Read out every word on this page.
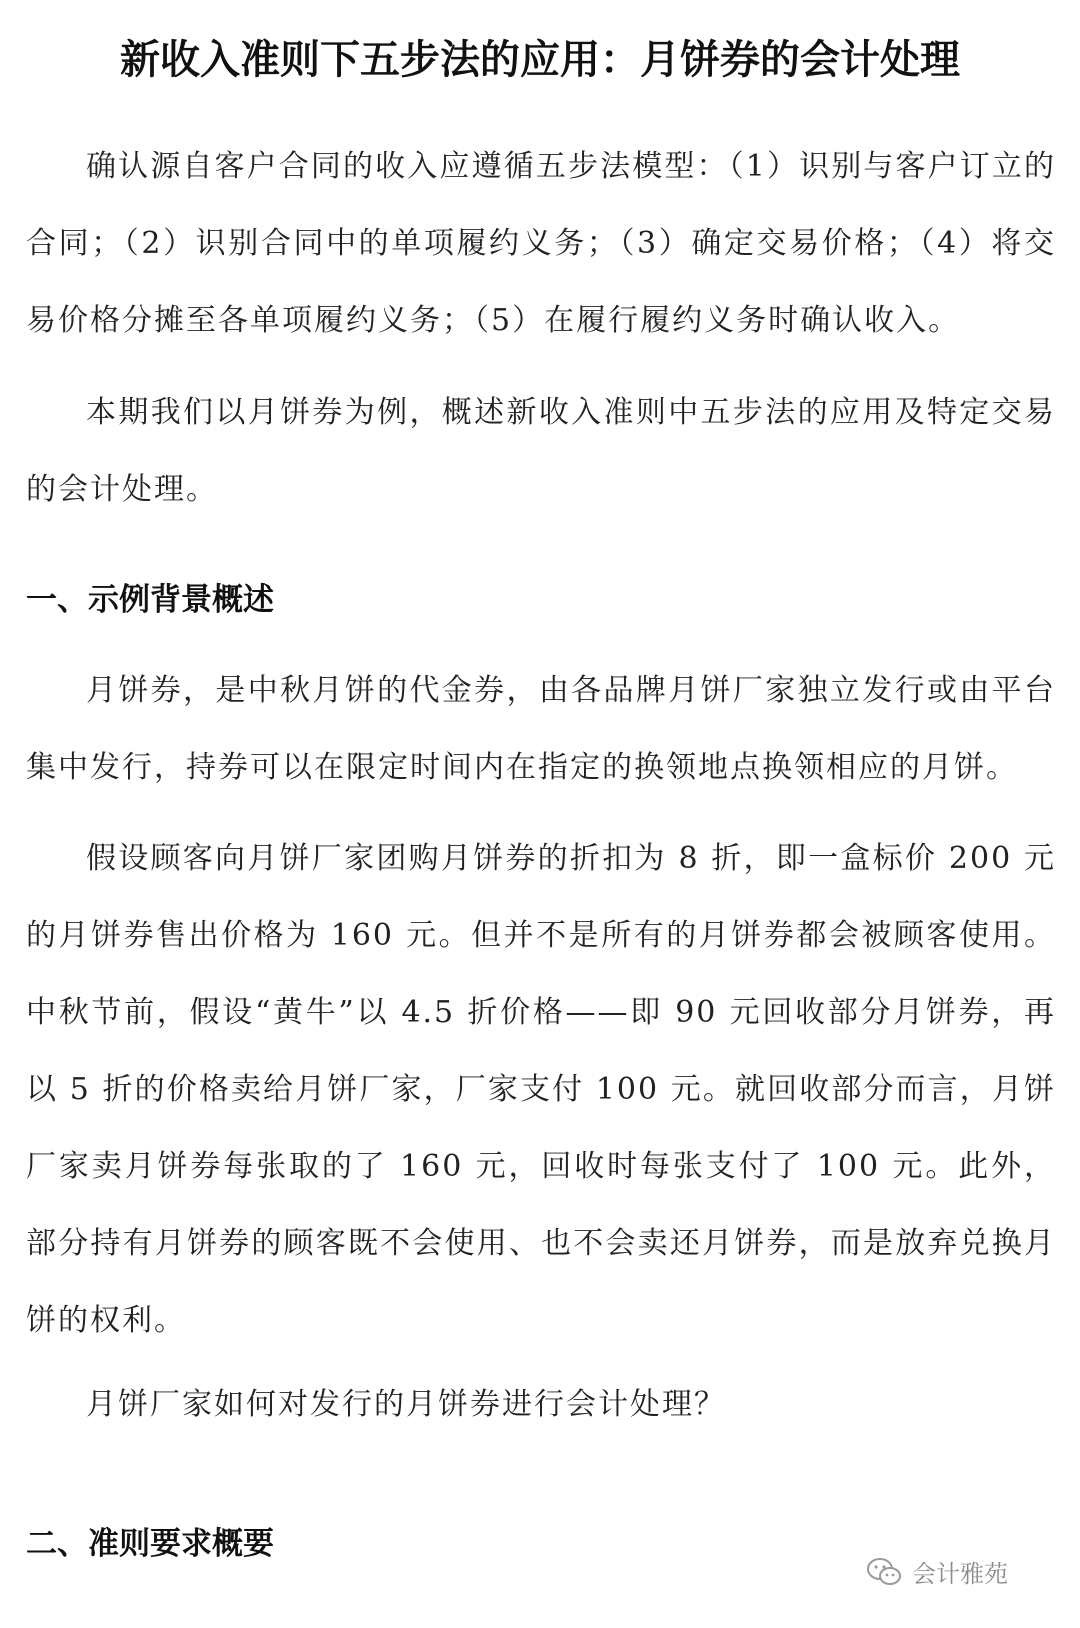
新收入准则下五步法的应用：月饼券的会计处理

确认源自客户合同的收入应遵循五步法模型：（1）识别与客户订立的合同；（2）识别合同中的单项履约义务；（3）确定交易价格；（4）将交易价格分摊至各单项履约义务；（5）在履行履约义务时确认收入。

本期我们以月饼券为例，概述新收入准则中五步法的应用及特定交易的会计处理。

一、示例背景概述

月饼券，是中秋月饼的代金券，由各品牌月饼厂家独立发行或由平台集中发行，持券可以在限定时间内在指定的换领地点换领相应的月饼。

假设顾客向月饼厂家团购月饼券的折扣为 8 折，即一盒标价 200 元的月饼券售出价格为 160 元。但并不是所有的月饼券都会被顾客使用。中秋节前，假设“黄牛”以 4.5 折价格——即 90 元回收部分月饼券，再以 5 折的价格卖给月饼厂家，厂家支付 100 元。就回收部分而言，月饼厂家卖月饼券每张取的了 160 元，回收时每张支付了 100 元。此外，部分持有月饼券的顾客既不会使用、也不会卖还月饼券，而是放弃兑换月饼的权利。

月饼厂家如何对发行的月饼券进行会计处理？

二、准则要求概要
会计雅苑
